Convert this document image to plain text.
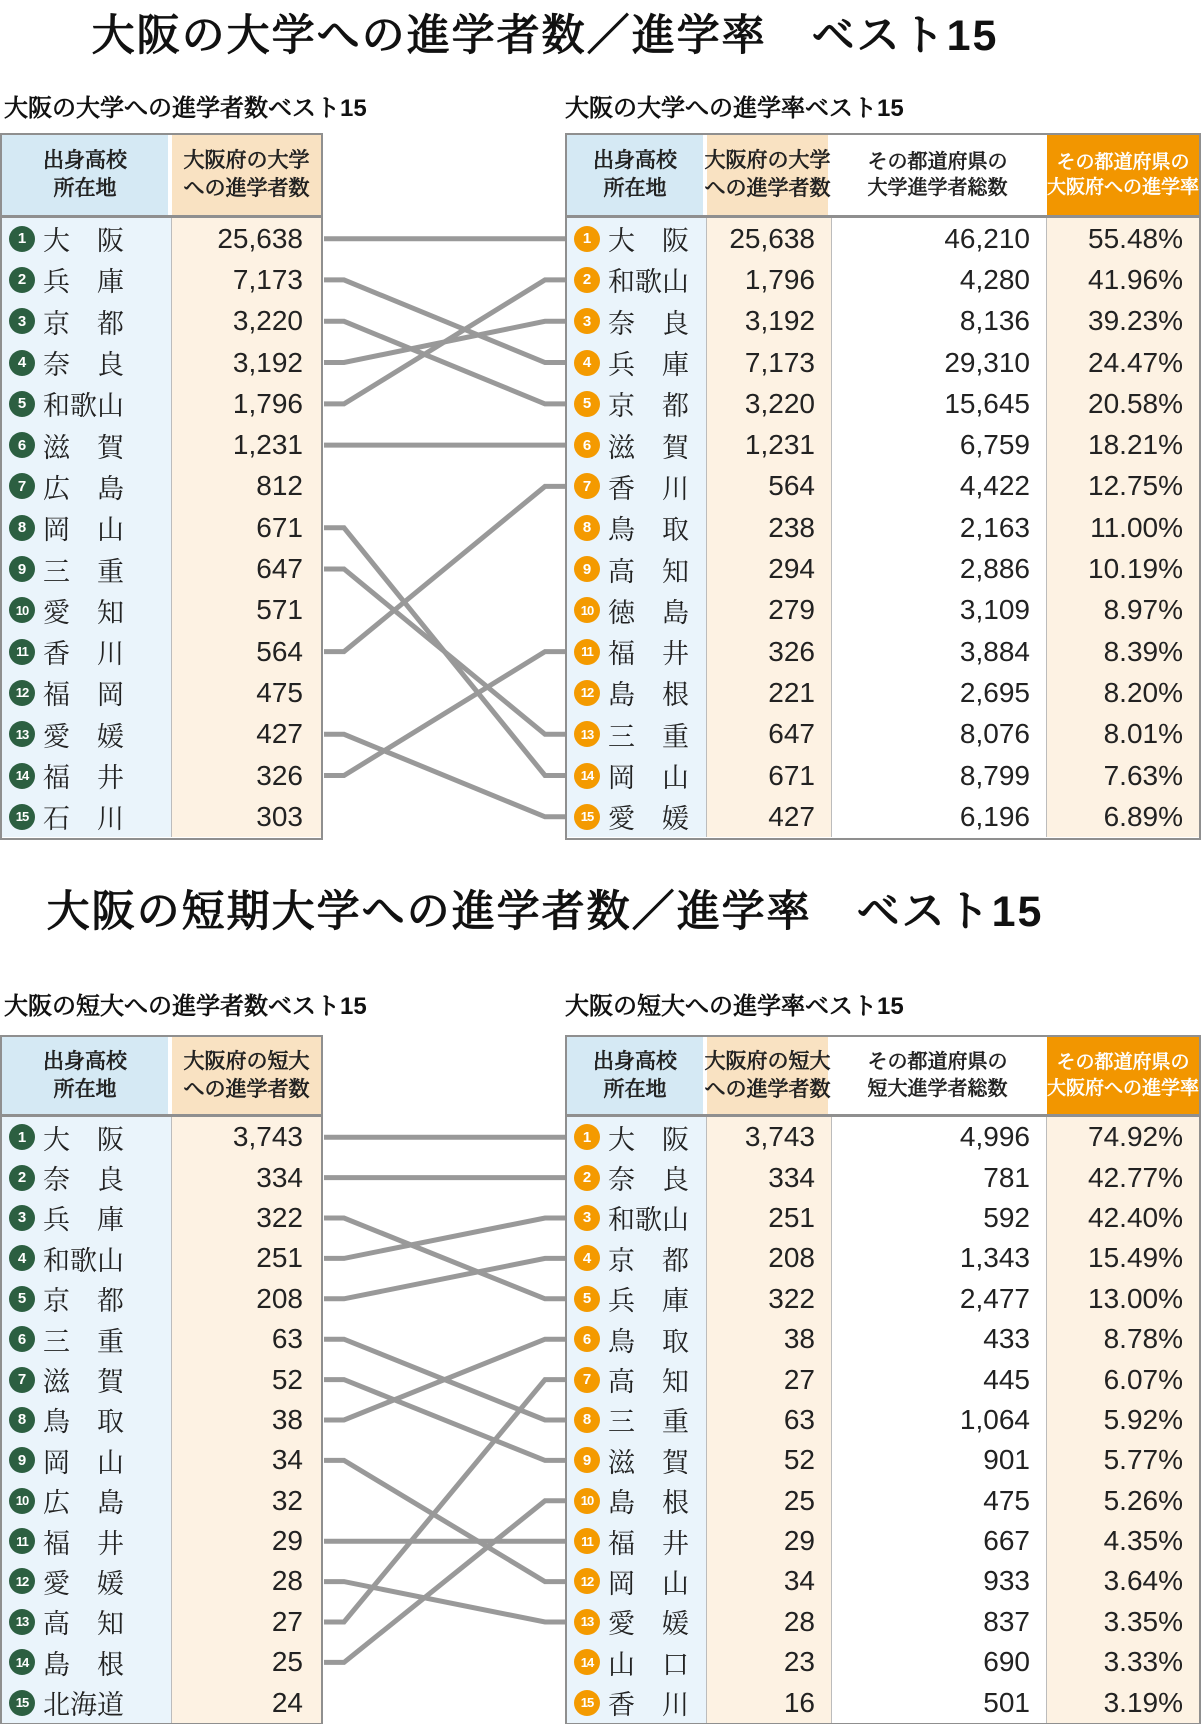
大阪の大学への進学者数／進学率　ベスト15
大阪の大学への進学者数ベスト15	大阪の大学への進学率ベスト15
出身高校
所在地
大阪府の大学
への進学者数
1 大　阪	25,638
2 兵　庫	7,173
3 京　都	3,220
4 奈　良	3,192
5 和歌山	1,796
6 滋　賀	1,231
7 広　島	812
8 岡　山	671
9 三　重	647
10 愛　知	571
11 香　川	564
12 福　岡	475
13 愛　媛	427
14 福　井	326
15 石　川	303
出身高校
所在地
大阪府の大学
への進学者数
その都道府県の
大学進学者総数
その都道府県の
大阪府への進学率
1 大　阪	25,638	46,210	55.48%
2 和歌山	1,796	4,280	41.96%
3 奈　良	3,192	8,136	39.23%
4 兵　庫	7,173	29,310	24.47%
5 京　都	3,220	15,645	20.58%
6 滋　賀	1,231	6,759	18.21%
7 香　川	564	4,422	12.75%
8 鳥　取	238	2,163	11.00%
9 高　知	294	2,886	10.19%
10 徳　島	279	3,109	8.97%
11 福　井	326	3,884	8.39%
12 島　根	221	2,695	8.20%
13 三　重	647	8,076	8.01%
14 岡　山	671	8,799	7.63%
15 愛　媛	427	6,196	6.89%
大阪の短期大学への進学者数／進学率　ベスト15
大阪の短大への進学者数ベスト15	大阪の短大への進学率ベスト15
出身高校
所在地
大阪府の短大
への進学者数
1 大　阪	3,743
2 奈　良	334
3 兵　庫	322
4 和歌山	251
5 京　都	208
6 三　重	63
7 滋　賀	52
8 鳥　取	38
9 岡　山	34
10 広　島	32
11 福　井	29
12 愛　媛	28
13 高　知	27
14 島　根	25
15 北海道	24
出身高校
所在地
大阪府の短大
への進学者数
その都道府県の
短大進学者総数
その都道府県の
大阪府への進学率
1 大　阪	3,743	4,996	74.92%
2 奈　良	334	781	42.77%
3 和歌山	251	592	42.40%
4 京　都	208	1,343	15.49%
5 兵　庫	322	2,477	13.00%
6 鳥　取	38	433	8.78%
7 高　知	27	445	6.07%
8 三　重	63	1,064	5.92%
9 滋　賀	52	901	5.77%
10 島　根	25	475	5.26%
11 福　井	29	667	4.35%
12 岡　山	34	933	3.64%
13 愛　媛	28	837	3.35%
14 山　口	23	690	3.33%
15 香　川	16	501	3.19%
